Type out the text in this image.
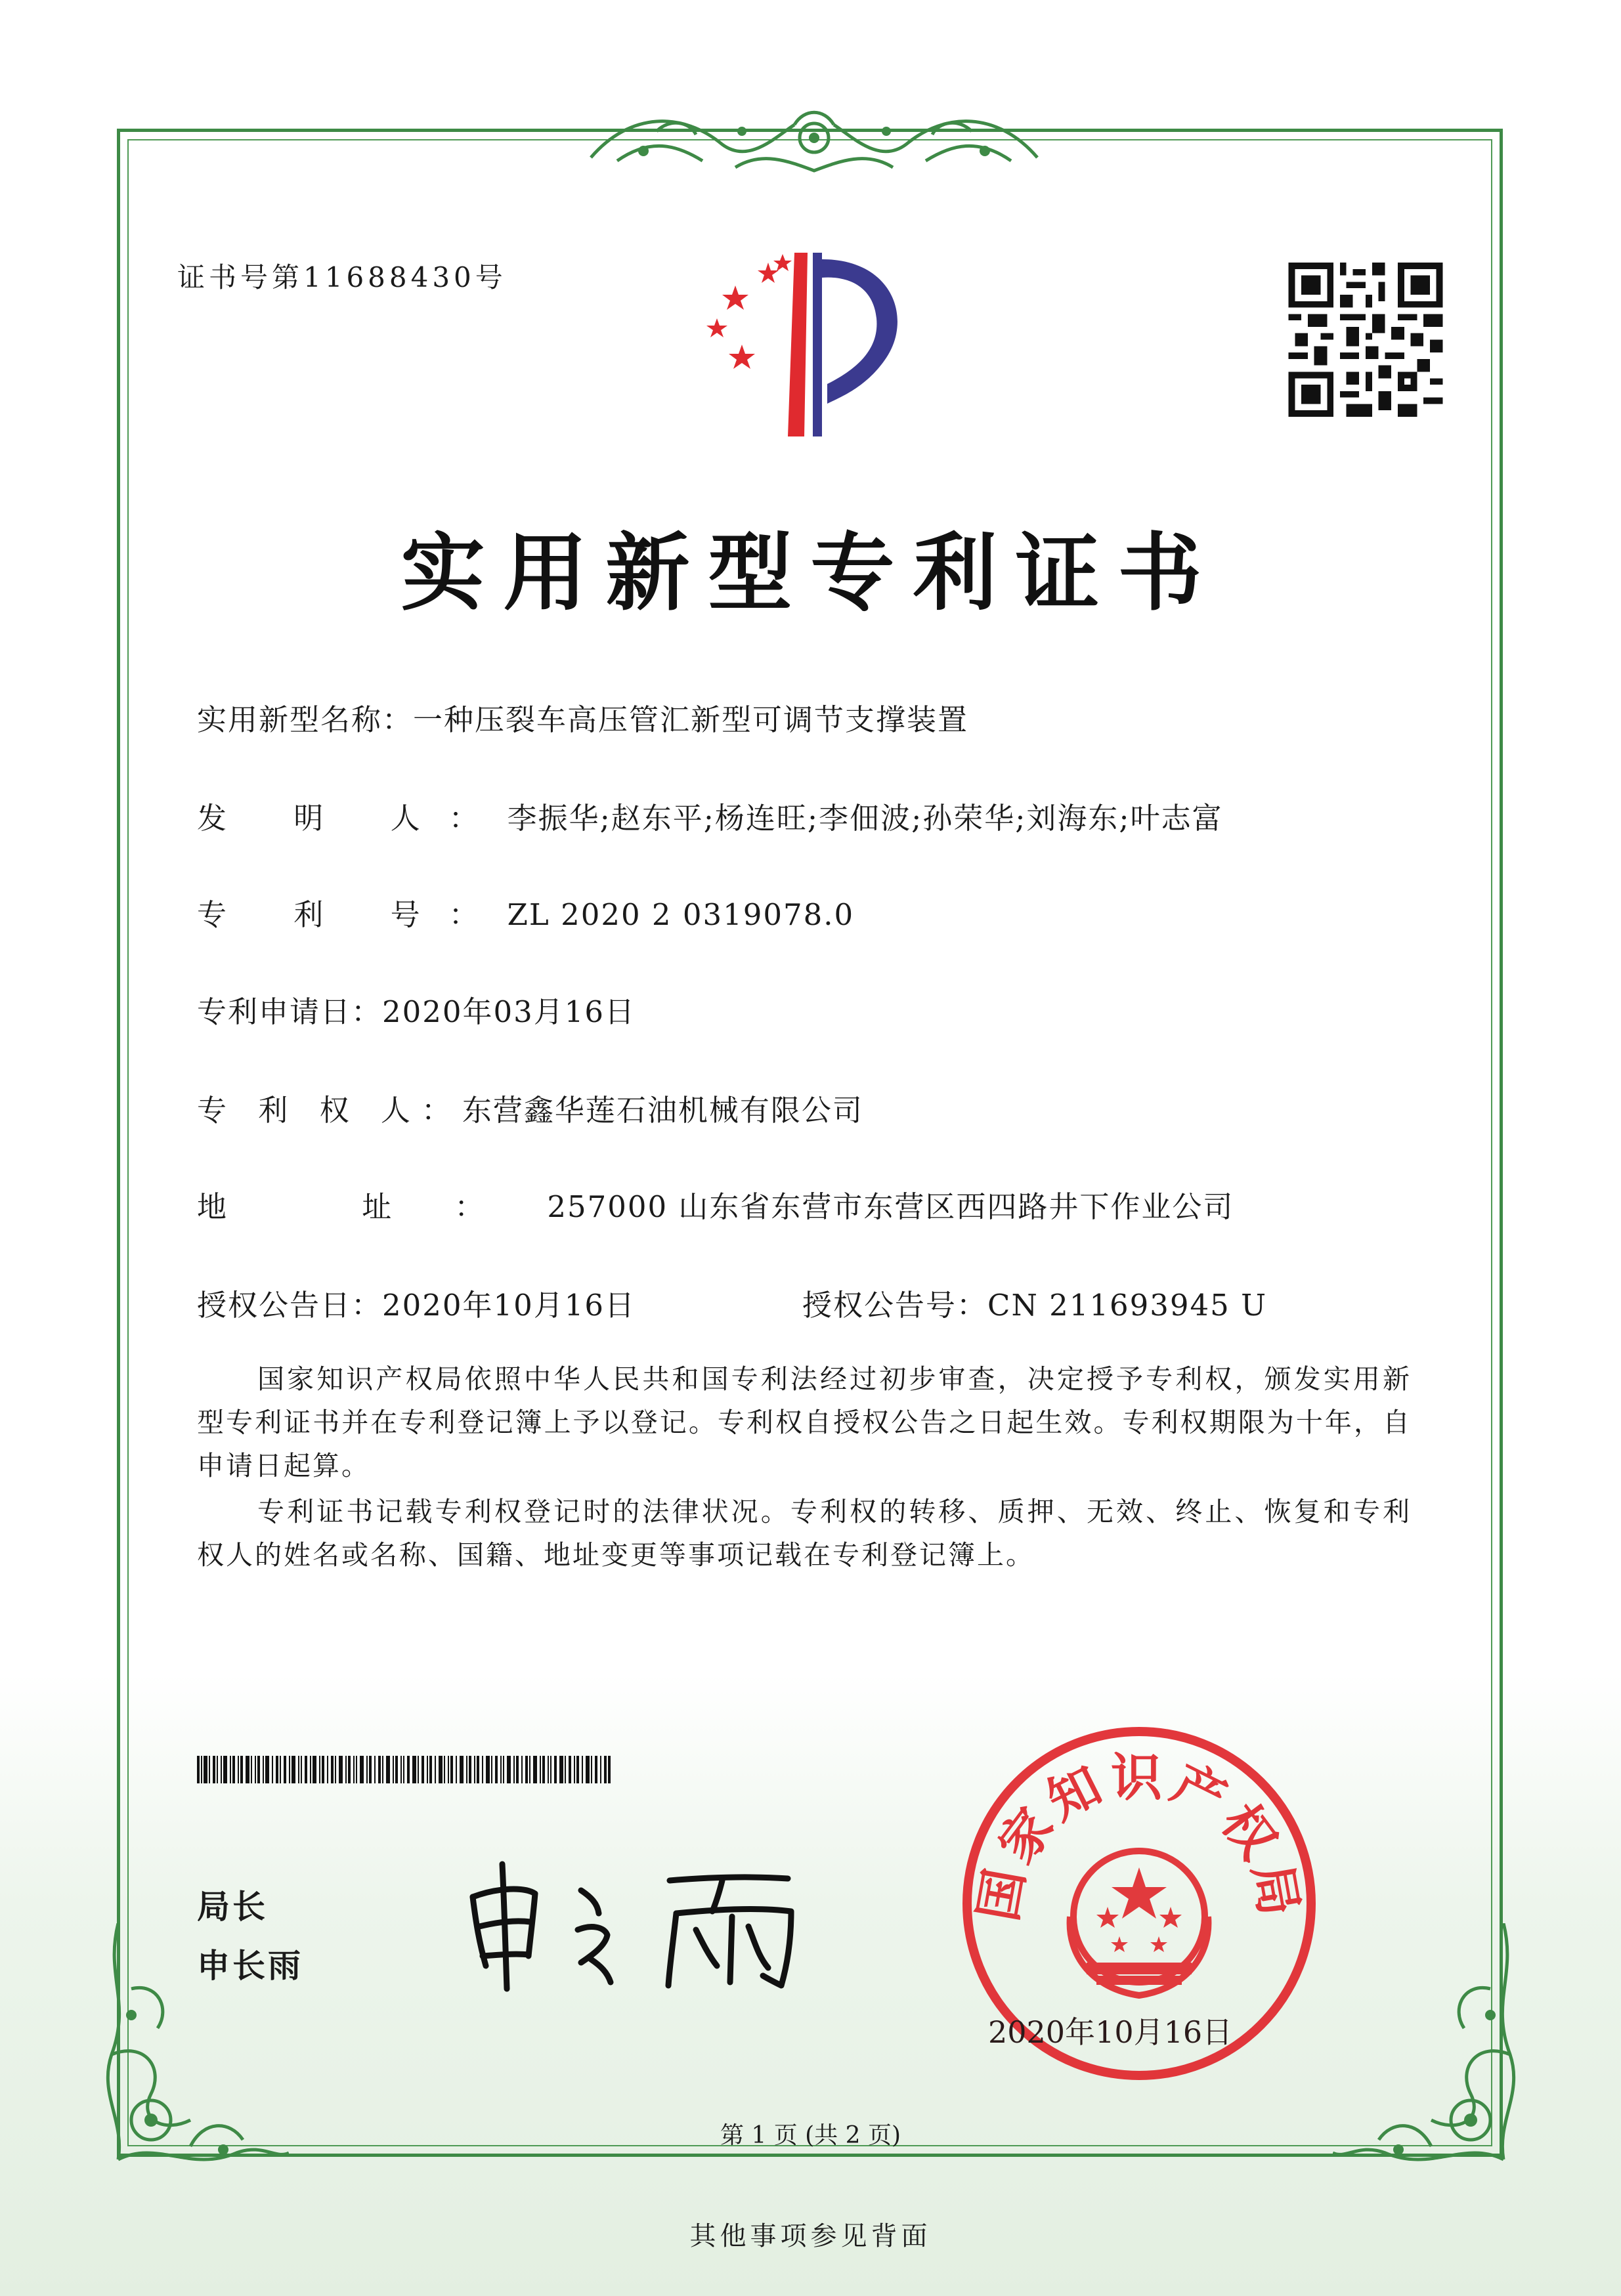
证书号第11688430号
实用新型专利证书
实用新型名称：一种压裂车高压管汇新型可调节支撑装置
发 明 人：李振华;赵东平;杨连旺;李佃波;孙荣华;刘海东;叶志富
专 利 号：ZL 2020 2 0319078.0
专利申请日：2020年03月16日
专 利 权 人：东营鑫华莲石油机械有限公司
地 址：257000 山东省东营市东营区西四路井下作业公司
授权公告日：2020年10月16日	授权公告号：CN 211693945 U
国家知识产权局依照中华人民共和国专利法经过初步审查，决定授予专利权，颁发实用新型专利证书并在专利登记簿上予以登记。专利权自授权公告之日起生效。专利权期限为十年，自申请日起算。
专利证书记载专利权登记时的法律状况。专利权的转移、质押、无效、终止、恢复和专利权人的姓名或名称、国籍、地址变更等事项记载在专利登记簿上。
局长
申长雨
国家知识产权局
2020年10月16日
第 1 页 (共 2 页)
其他事项参见背面
